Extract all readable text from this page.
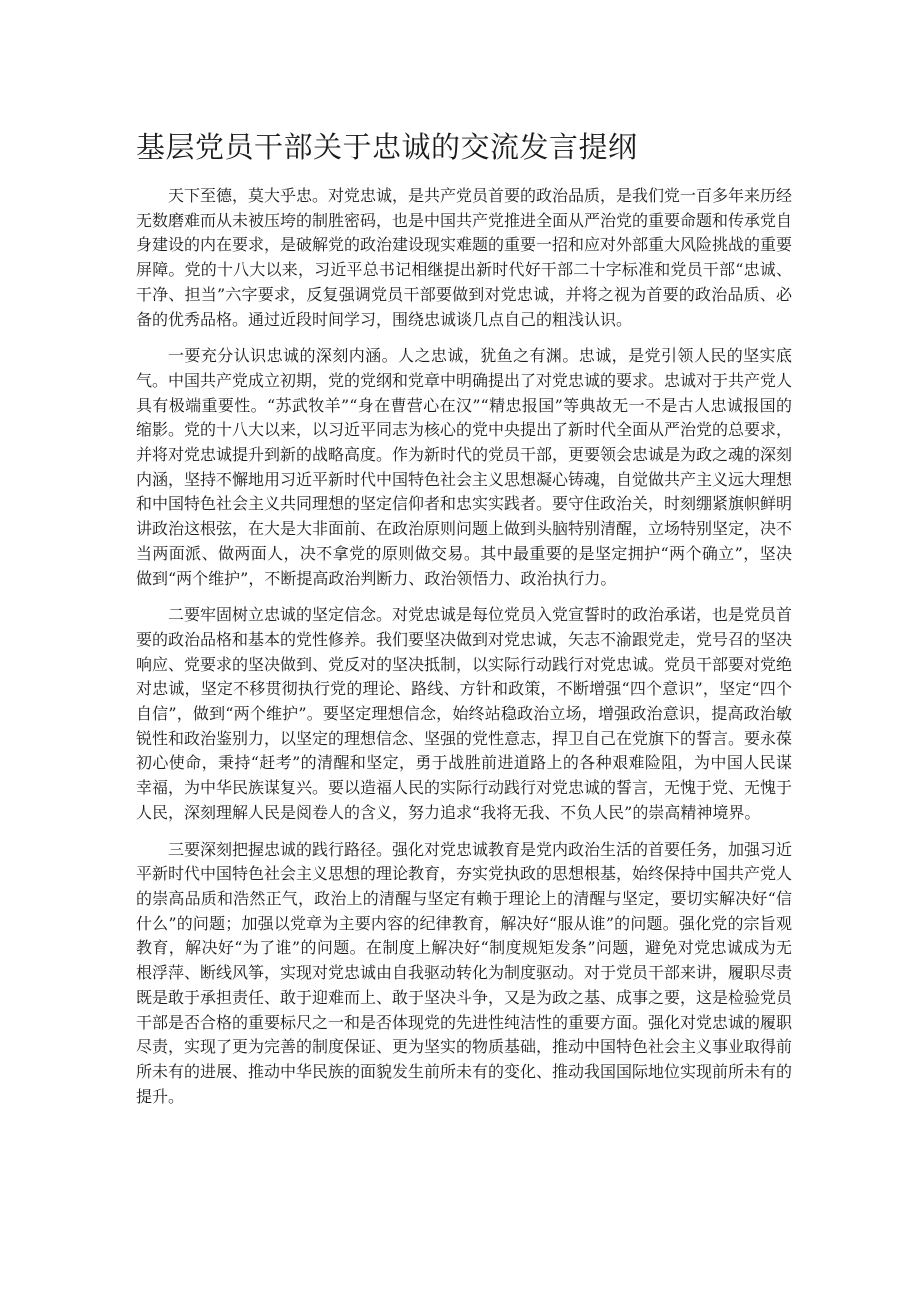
基层党员干部关于忠诚的交流发言提纲

天下至德，莫大乎忠。对党忠诚，是共产党员首要的政治品质，是我们党一百多年来历经无数磨难而从未被压垮的制胜密码，也是中国共产党推进全面从严治党的重要命题和传承党自身建设的内在要求，是破解党的政治建设现实难题的重要一招和应对外部重大风险挑战的重要屏障。党的十八大以来，习近平总书记相继提出新时代好干部二十字标准和党员干部“忠诚、干净、担当”六字要求，反复强调党员干部要做到对党忠诚，并将之视为首要的政治品质、必备的优秀品格。通过近段时间学习，围绕忠诚谈几点自己的粗浅认识。

一要充分认识忠诚的深刻内涵。人之忠诚，犹鱼之有渊。忠诚，是党引领人民的坚实底气。中国共产党成立初期，党的党纲和党章中明确提出了对党忠诚的要求。忠诚对于共产党人具有极端重要性。“苏武牧羊”“身在曹营心在汉”“精忠报国”等典故无一不是古人忠诚报国的缩影。党的十八大以来，以习近平同志为核心的党中央提出了新时代全面从严治党的总要求，并将对党忠诚提升到新的战略高度。作为新时代的党员干部，更要领会忠诚是为政之魂的深刻内涵，坚持不懈地用习近平新时代中国特色社会主义思想凝心铸魂，自觉做共产主义远大理想和中国特色社会主义共同理想的坚定信仰者和忠实实践者。要守住政治关，时刻绷紧旗帜鲜明讲政治这根弦，在大是大非面前、在政治原则问题上做到头脑特别清醒，立场特别坚定，决不当两面派、做两面人，决不拿党的原则做交易。其中最重要的是坚定拥护“两个确立”，坚决做到“两个维护”，不断提高政治判断力、政治领悟力、政治执行力。

二要牢固树立忠诚的坚定信念。对党忠诚是每位党员入党宣誓时的政治承诺，也是党员首要的政治品格和基本的党性修养。我们要坚决做到对党忠诚，矢志不渝跟党走，党号召的坚决响应、党要求的坚决做到、党反对的坚决抵制，以实际行动践行对党忠诚。党员干部要对党绝对忠诚，坚定不移贯彻执行党的理论、路线、方针和政策，不断增强“四个意识”，坚定“四个自信”，做到“两个维护”。要坚定理想信念，始终站稳政治立场，增强政治意识，提高政治敏锐性和政治鉴别力，以坚定的理想信念、坚强的党性意志，捍卫自己在党旗下的誓言。要永葆初心使命，秉持“赶考”的清醒和坚定，勇于战胜前进道路上的各种艰难险阻，为中国人民谋幸福，为中华民族谋复兴。要以造福人民的实际行动践行对党忠诚的誓言，无愧于党、无愧于人民，深刻理解人民是阅卷人的含义，努力追求“我将无我、不负人民”的崇高精神境界。

三要深刻把握忠诚的践行路径。强化对党忠诚教育是党内政治生活的首要任务，加强习近平新时代中国特色社会主义思想的理论教育，夯实党执政的思想根基，始终保持中国共产党人的崇高品质和浩然正气，政治上的清醒与坚定有赖于理论上的清醒与坚定，要切实解决好“信什么”的问题；加强以党章为主要内容的纪律教育，解决好“服从谁”的问题。强化党的宗旨观教育，解决好“为了谁”的问题。在制度上解决好“制度规矩发条”问题，避免对党忠诚成为无根浮萍、断线风筝，实现对党忠诚由自我驱动转化为制度驱动。对于党员干部来讲，履职尽责既是敢于承担责任、敢于迎难而上、敢于坚决斗争，又是为政之基、成事之要，这是检验党员干部是否合格的重要标尺之一和是否体现党的先进性纯洁性的重要方面。强化对党忠诚的履职尽责，实现了更为完善的制度保证、更为坚实的物质基础，推动中国特色社会主义事业取得前所未有的进展、推动中华民族的面貌发生前所未有的变化、推动我国国际地位实现前所未有的提升。
